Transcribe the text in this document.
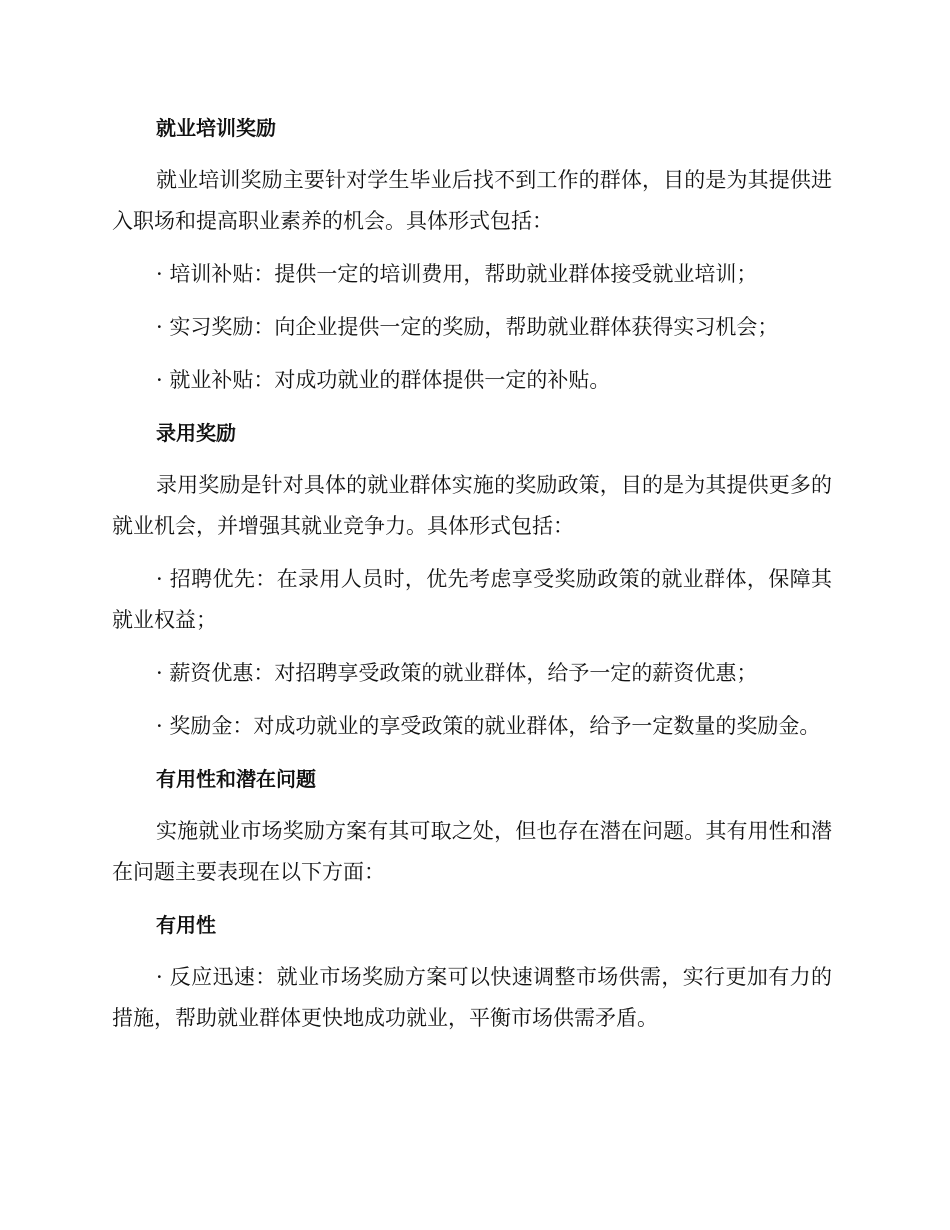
就业培训奖励

就业培训奖励主要针对学生毕业后找不到工作的群体，目的是为其提供进入职场和提高职业素养的机会。具体形式包括：

· 培训补贴：提供一定的培训费用，帮助就业群体接受就业培训；

· 实习奖励：向企业提供一定的奖励，帮助就业群体获得实习机会；

· 就业补贴：对成功就业的群体提供一定的补贴。

录用奖励

录用奖励是针对具体的就业群体实施的奖励政策，目的是为其提供更多的就业机会，并增强其就业竞争力。具体形式包括：

· 招聘优先：在录用人员时，优先考虑享受奖励政策的就业群体，保障其就业权益；

· 薪资优惠：对招聘享受政策的就业群体，给予一定的薪资优惠；

· 奖励金：对成功就业的享受政策的就业群体，给予一定数量的奖励金。

有用性和潜在问题

实施就业市场奖励方案有其可取之处，但也存在潜在问题。其有用性和潜在问题主要表现在以下方面：

有用性

· 反应迅速：就业市场奖励方案可以快速调整市场供需，实行更加有力的措施，帮助就业群体更快地成功就业，平衡市场供需矛盾。
